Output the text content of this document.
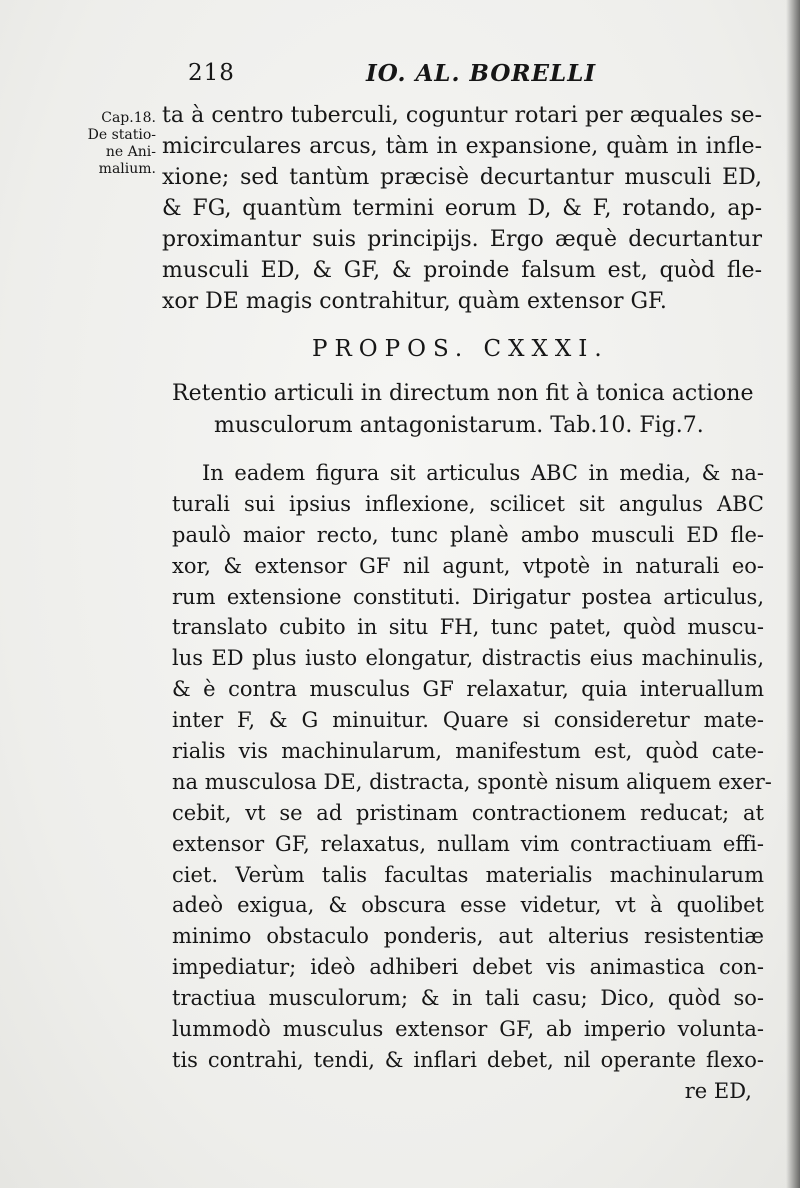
218	IO. AL. BORELLI
Cap.18.
De statio-
ne Ani-
malium.
ta à centro tuberculi, coguntur rotari per æquales se-
micirculares arcus, tàm in expansione, quàm in infle-
xione; sed tantùm præcisè decurtantur musculi ED,
& FG, quantùm termini eorum D, & F, rotando, ap-
proximantur suis principijs. Ergo æquè decurtantur
musculi ED, & GF, & proinde falsum est, quòd fle-
xor DE magis contrahitur, quàm extensor GF.
PROPOS. CXXXI.
Retentio articuli in directum non fit à tonica actione
musculorum antagonistarum. Tab.10. Fig.7.
In eadem figura sit articulus ABC in media, & na-
turali sui ipsius inflexione, scilicet sit angulus ABC
paulò maior recto, tunc planè ambo musculi ED fle-
xor, & extensor GF nil agunt, vtpotè in naturali eo-
rum extensione constituti. Dirigatur postea articulus,
translato cubito in situ FH, tunc patet, quòd muscu-
lus ED plus iusto elongatur, distractis eius machinulis,
& è contra musculus GF relaxatur, quia interuallum
inter F, & G minuitur. Quare si consideretur mate-
rialis vis machinularum, manifestum est, quòd cate-
na musculosa DE, distracta, spontè nisum aliquem exer-
cebit, vt se ad pristinam contractionem reducat; at
extensor GF, relaxatus, nullam vim contractiuam effi-
ciet. Verùm talis facultas materialis machinularum
adeò exigua, & obscura esse videtur, vt à quolibet
minimo obstaculo ponderis, aut alterius resistentiæ
impediatur; ideò adhiberi debet vis animastica con-
tractiua musculorum; & in tali casu; Dico, quòd so-
lummodò musculus extensor GF, ab imperio volunta-
tis contrahi, tendi, & inflari debet, nil operante flexo-
re ED,
